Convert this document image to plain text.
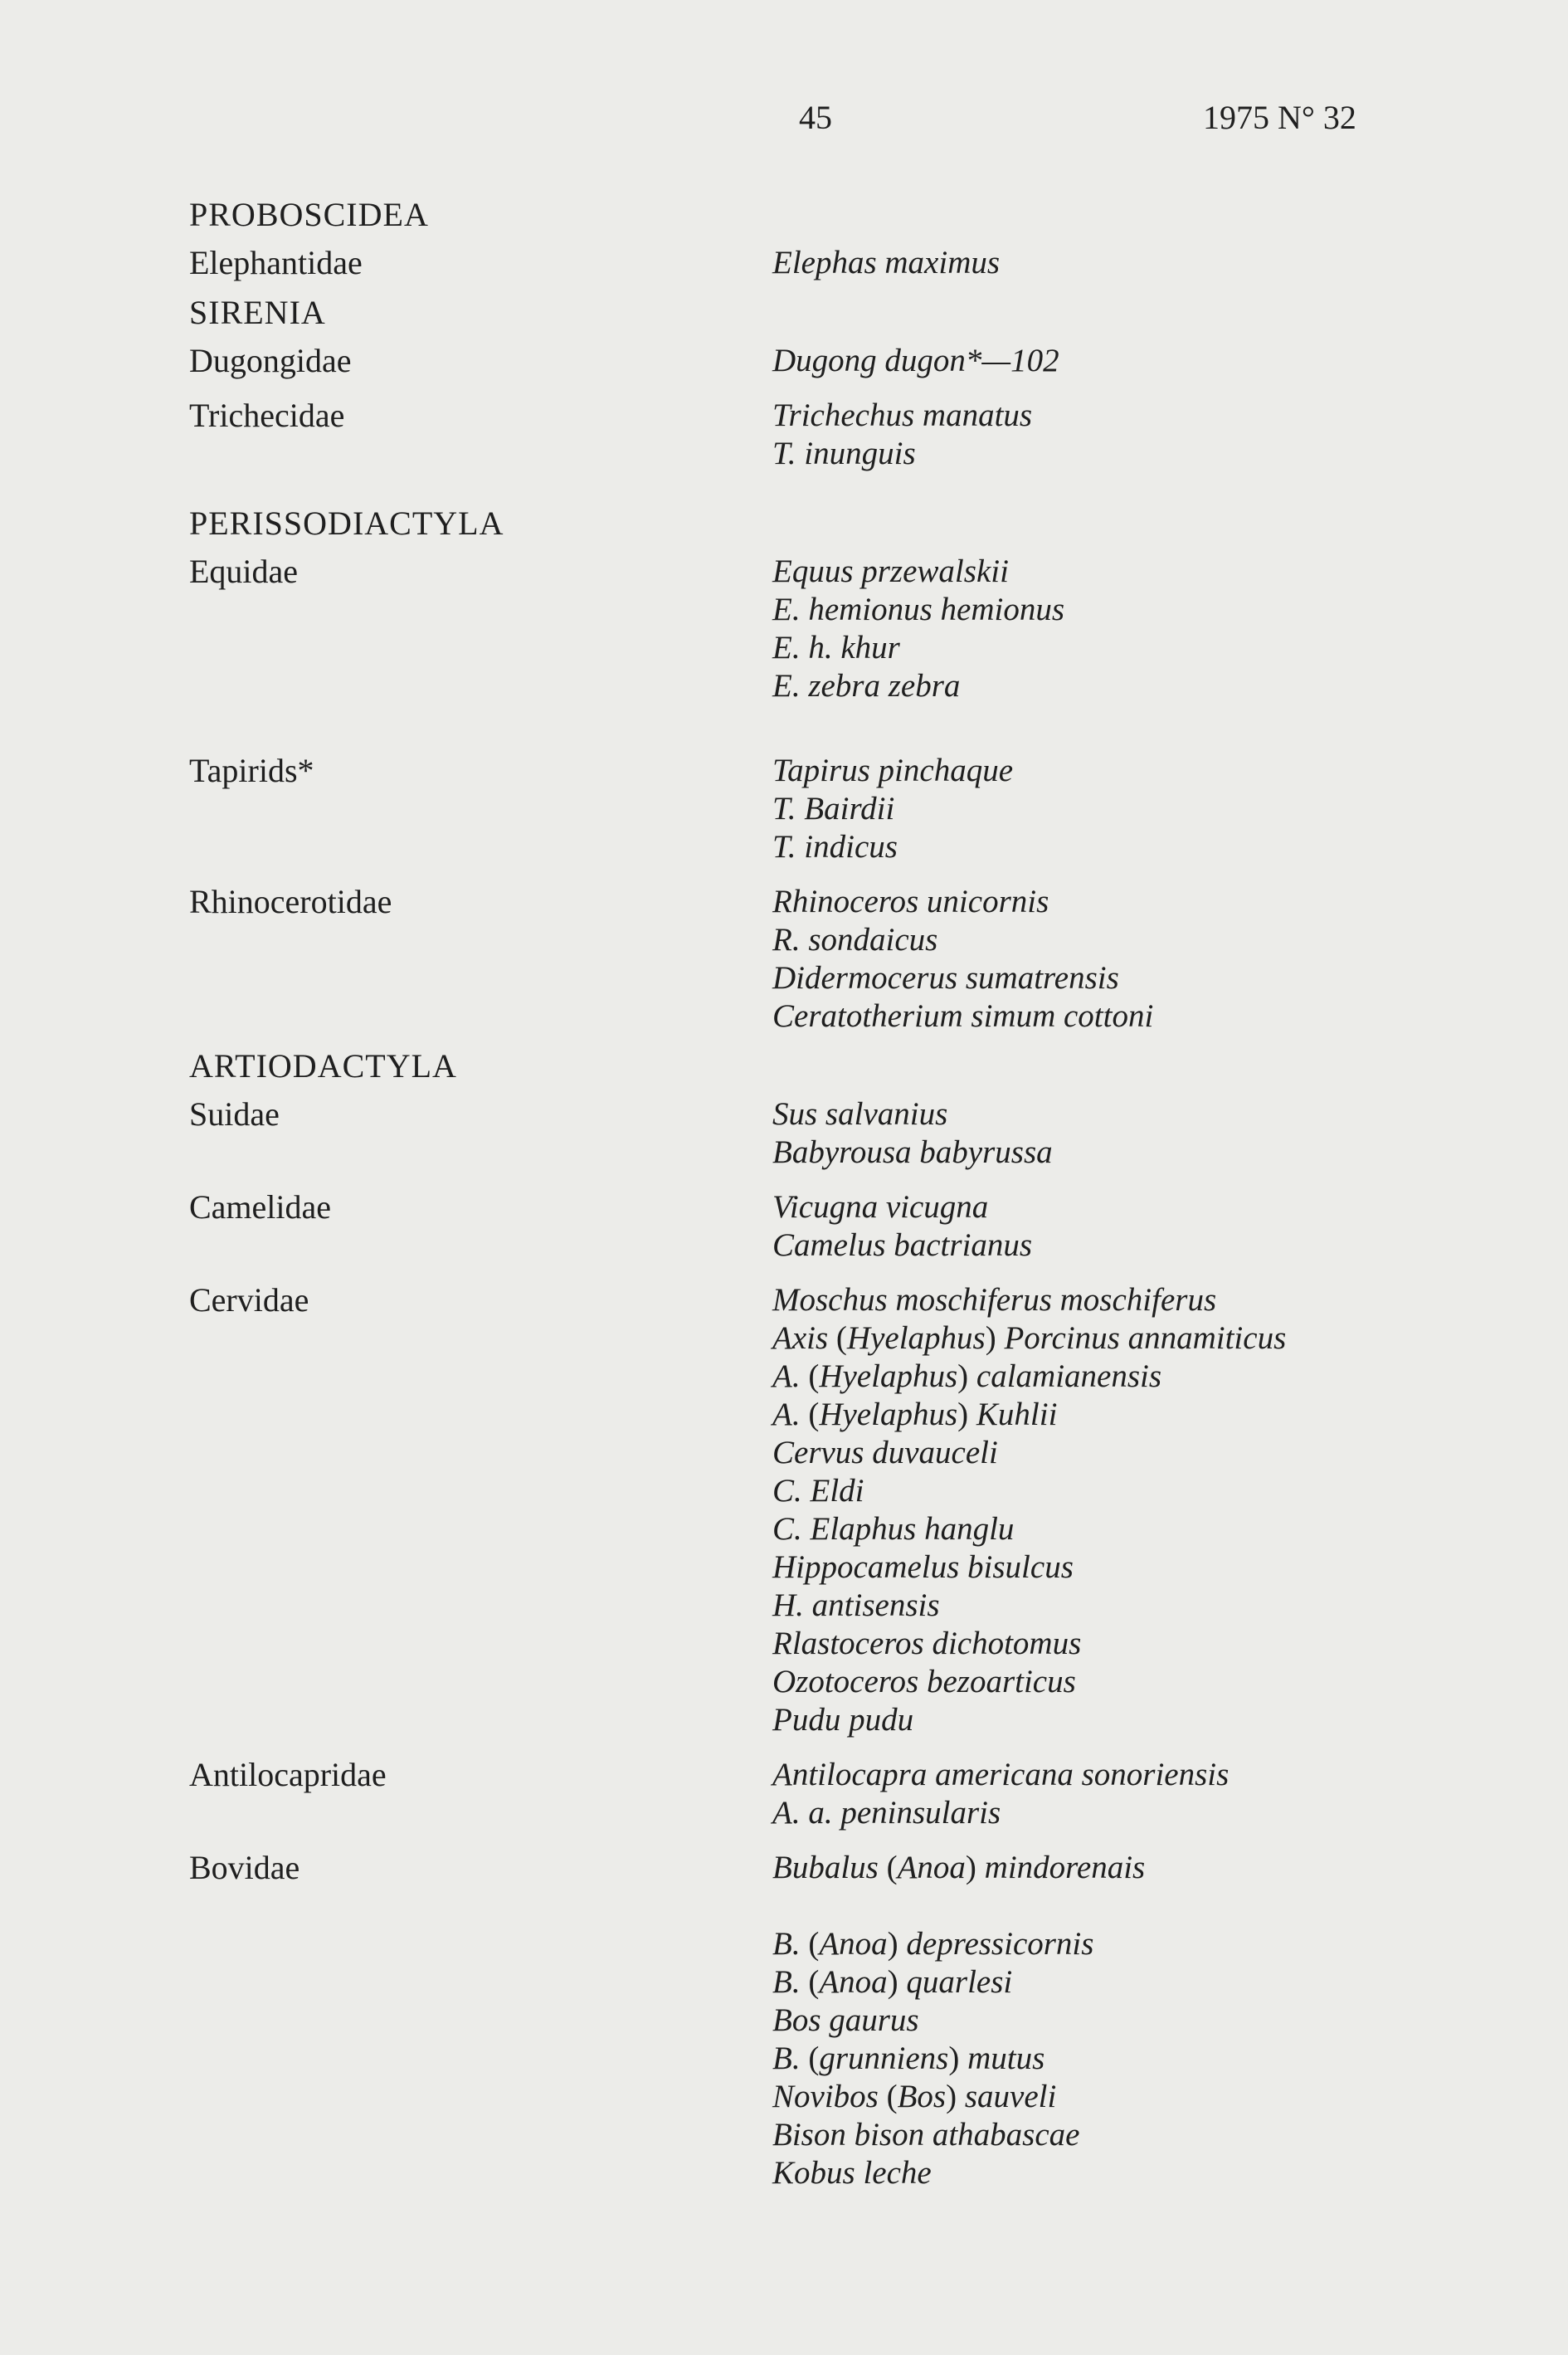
45	1975 N° 32
PROBOSCIDEA
Elephantidae	Elephas maximus
SIRENIA
Dugongidae	Dugong dugon*—102
Trichecidae	Trichechus manatus
T. inunguis
PERISSODIACTYLA
Equidae	Equus przewalskii
E. hemionus hemionus
E. h. khur
E. zebra zebra
Tapirids*	Tapirus pinchaque
T. Bairdii
T. indicus
Rhinocerotidae	Rhinoceros unicornis
R. sondaicus
Didermocerus sumatrensis
Ceratotherium simum cottoni
ARTIODACTYLA
Suidae	Sus salvanius
Babyrousa babyrussa
Camelidae	Vicugna vicugna
Camelus bactrianus
Cervidae	Moschus moschiferus moschiferus
Axis (Hyelaphus) Porcinus annamiticus
A. (Hyelaphus) calamianensis
A. (Hyelaphus) Kuhlii
Cervus duvauceli
C. Eldi
C. Elaphus hanglu
Hippocamelus bisulcus
H. antisensis
Rlastoceros dichotomus
Ozotoceros bezoarticus
Pudu pudu
Antilocapridae	Antilocapra americana sonoriensis
A. a. peninsularis
Bovidae	Bubalus (Anoa) mindorenais

B. (Anoa) depressicornis
B. (Anoa) quarlesi
Bos gaurus
B. (grunniens) mutus
Novibos (Bos) sauveli
Bison bison athabascae
Kobus leche
